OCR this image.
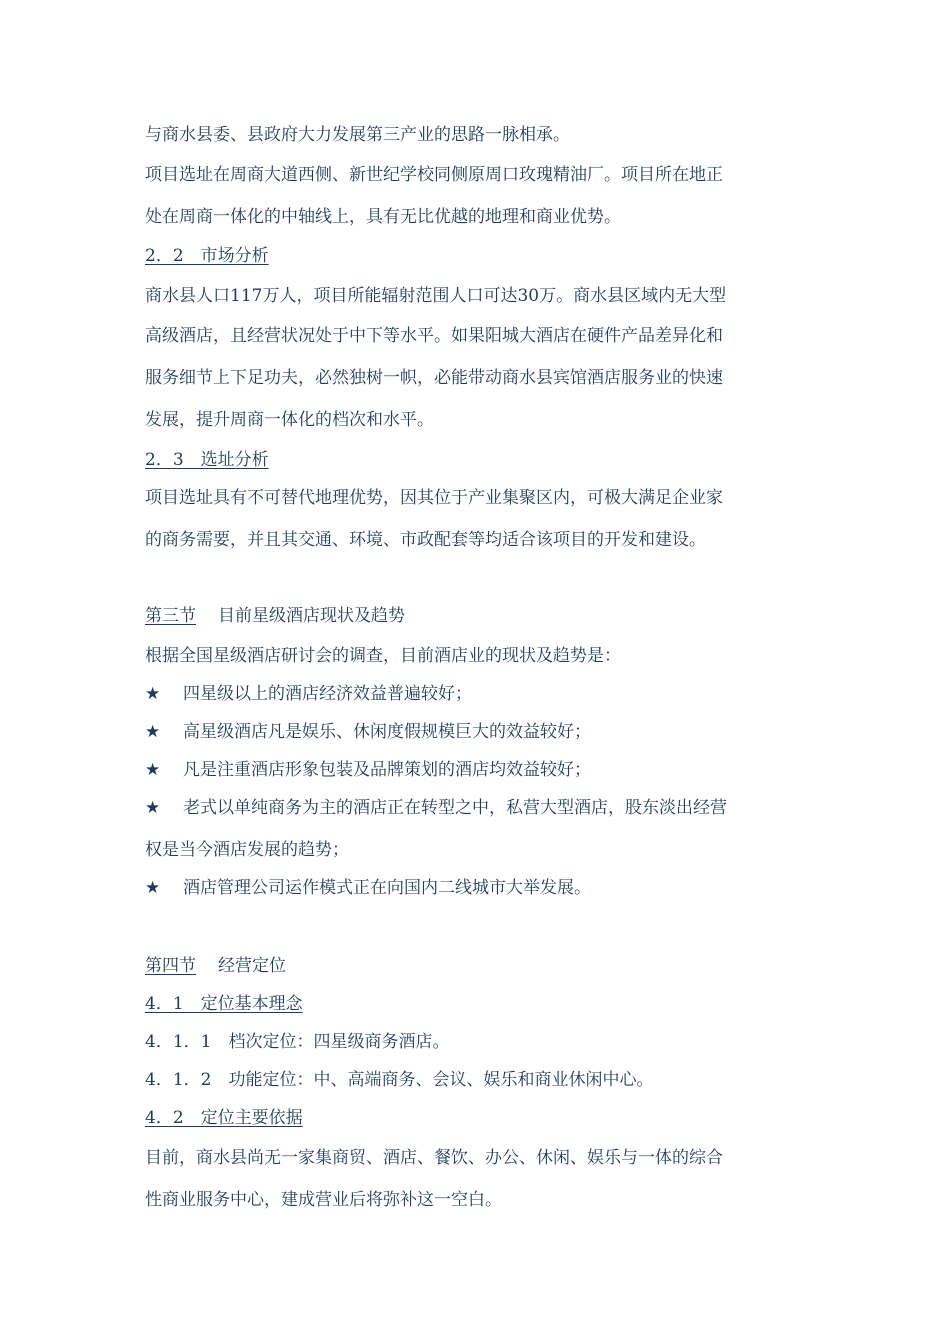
与商水县委、县政府大力发展第三产业的思路一脉相承。
项目选址在周商大道西侧、新世纪学校同侧原周口玫瑰精油厂。项目所在地正
处在周商一体化的中轴线上，具有无比优越的地理和商业优势。
2．2　市场分析
商水县人口117万人，项目所能辐射范围人口可达30万。商水县区域内无大型
高级酒店，且经营状况处于中下等水平。如果阳城大酒店在硬件产品差异化和
服务细节上下足功夫，必然独树一帜，必能带动商水县宾馆酒店服务业的快速
发展，提升周商一体化的档次和水平。
2．3　选址分析
项目选址具有不可替代地理优势，因其位于产业集聚区内，可极大满足企业家
的商务需要，并且其交通、环境、市政配套等均适合该项目的开发和建设。
第三节 目前星级酒店现状及趋势
根据全国星级酒店研讨会的调查，目前酒店业的现状及趋势是：
★ 四星级以上的酒店经济效益普遍较好；
★ 高星级酒店凡是娱乐、休闲度假规模巨大的效益较好；
★ 凡是注重酒店形象包装及品牌策划的酒店均效益较好；
★ 老式以单纯商务为主的酒店正在转型之中，私营大型酒店，股东淡出经营
权是当今酒店发展的趋势；
★ 酒店管理公司运作模式正在向国内二线城市大举发展。
第四节 经营定位
4．1　定位基本理念
4．1．1　档次定位：四星级商务酒店。
4．1．2　功能定位：中、高端商务、会议、娱乐和商业休闲中心。
4．2　定位主要依据
目前，商水县尚无一家集商贸、酒店、餐饮、办公、休闲、娱乐与一体的综合
性商业服务中心，建成营业后将弥补这一空白。
